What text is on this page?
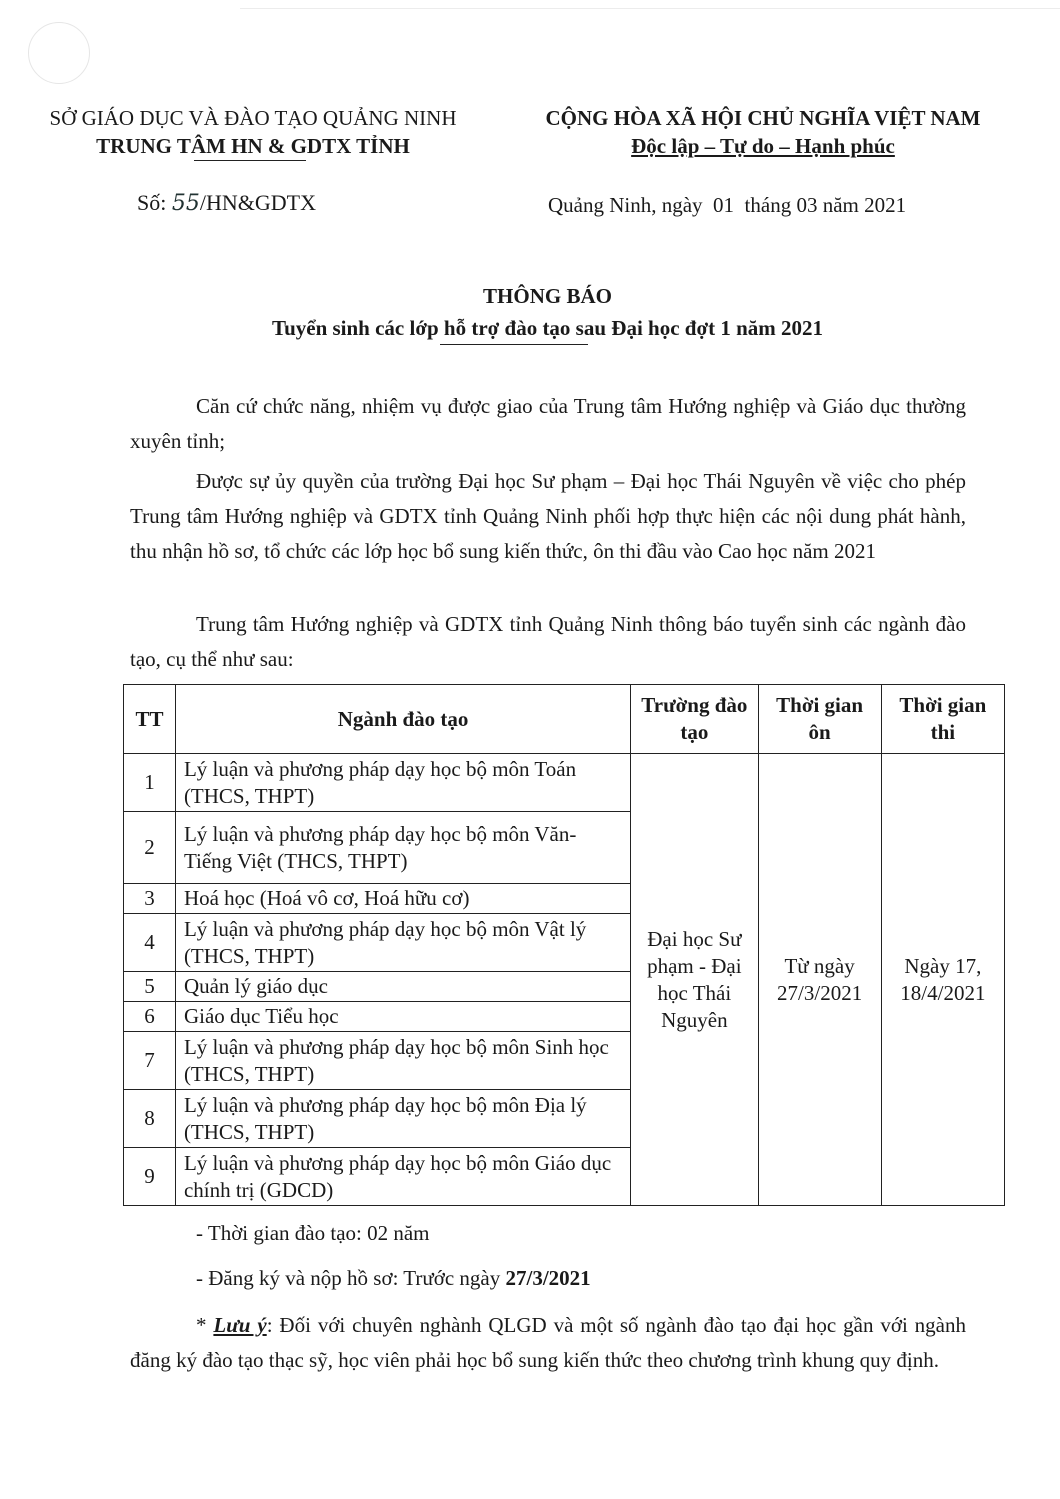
SỞ GIÁO DỤC VÀ ĐÀO TẠO QUẢNG NINH
TRUNG TÂM HN & GDTX TỈNH
CỘNG HÒA XÃ HỘI CHỦ NGHĨA VIỆT NAM
Độc lập – Tự do – Hạnh phúc
Số: 55/HN&GDTX	Quảng Ninh, ngày  01  tháng 03 năm 2021
THÔNG BÁO
Tuyển sinh các lớp hỗ trợ đào tạo sau Đại học đợt 1 năm 2021
Căn cứ chức năng, nhiệm vụ được giao của Trung tâm Hướng nghiệp và Giáo dục thường xuyên tỉnh;
Được sự ủy quyền của trường Đại học Sư phạm – Đại học Thái Nguyên về việc cho phép Trung tâm Hướng nghiệp và GDTX tỉnh Quảng Ninh phối hợp thực hiện các nội dung phát hành, thu nhận hồ sơ, tổ chức các lớp học bổ sung kiến thức, ôn thi đầu vào Cao học năm 2021
Trung tâm Hướng nghiệp và GDTX tỉnh Quảng Ninh thông báo tuyển sinh các ngành đào tạo, cụ thể như sau:
TT	Ngành đào tạo	Trường đào tạo	Thời gian ôn	Thời gian thi
1	Lý luận và phương pháp dạy học bộ môn Toán (THCS, THPT)	Đại học Sư phạm - Đại học Thái Nguyên	Từ ngày 27/3/2021	Ngày 17, 18/4/2021
2	Lý luận và phương pháp dạy học bộ môn Văn-Tiếng Việt (THCS, THPT)			
3	Hoá học (Hoá vô cơ, Hoá hữu cơ)			
4	Lý luận và phương pháp dạy học bộ môn Vật lý (THCS, THPT)			
5	Quản lý giáo dục			
6	Giáo dục Tiểu học			
7	Lý luận và phương pháp dạy học bộ môn Sinh học (THCS, THPT)			
8	Lý luận và phương pháp dạy học bộ môn Địa lý (THCS, THPT)			
9	Lý luận và phương pháp dạy học bộ môn Giáo dục chính trị (GDCD)			
- Thời gian đào tạo: 02 năm
- Đăng ký và nộp hồ sơ: Trước ngày 27/3/2021
* Lưu ý: Đối với chuyên nghành QLGD và một số ngành đào tạo đại học gần với ngành đăng ký đào tạo thạc sỹ, học viên phải học bổ sung kiến thức theo chương trình khung quy định.
